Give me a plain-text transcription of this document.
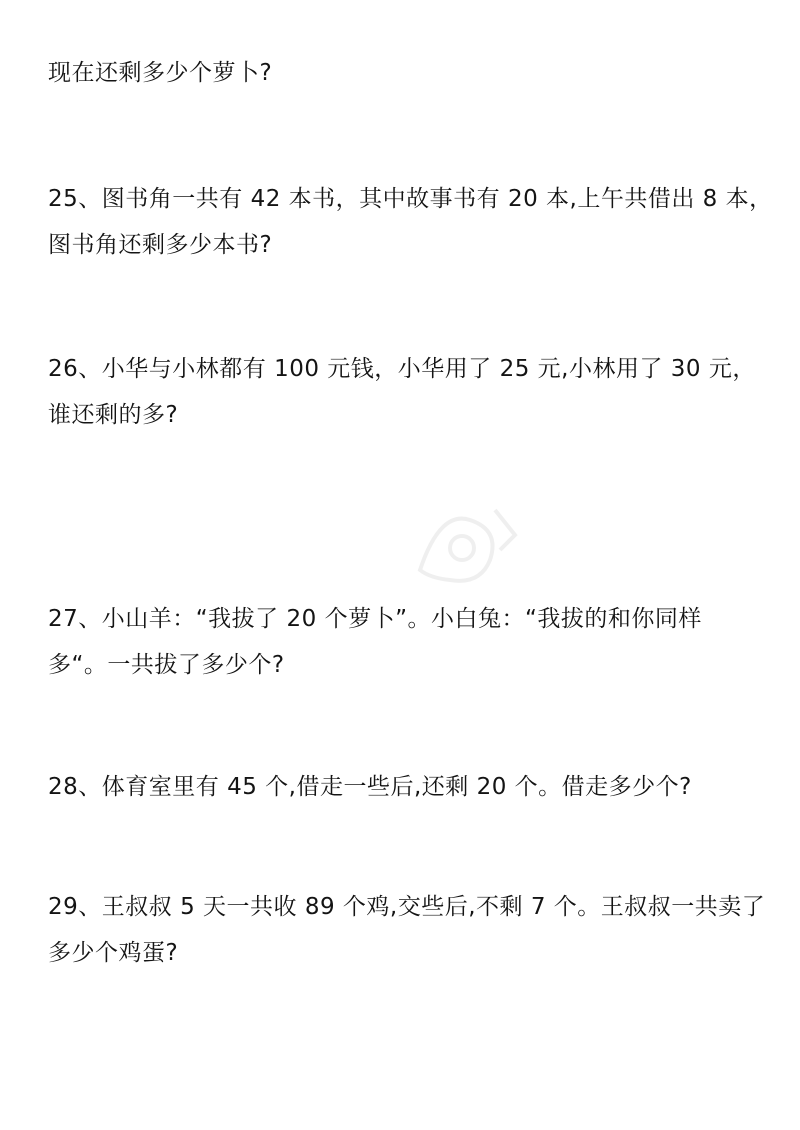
现在还剩多少个萝卜?
25、图书角一共有 42 本书，其中故事书有 20 本,上午共借出 8 本，
图书角还剩多少本书?
26、小华与小林都有 100 元钱，小华用了 25 元,小林用了 30 元，
谁还剩的多?
27、小山羊：“我拔了 20 个萝卜”。小白兔：“我拔的和你同样
多“。一共拔了多少个?
28、体育室里有 45 个,借走一些后,还剩 20 个。借走多少个?
29、王叔叔 5 天一共收 89 个鸡,交些后,不剩 7 个。王叔叔一共卖了
多少个鸡蛋?
